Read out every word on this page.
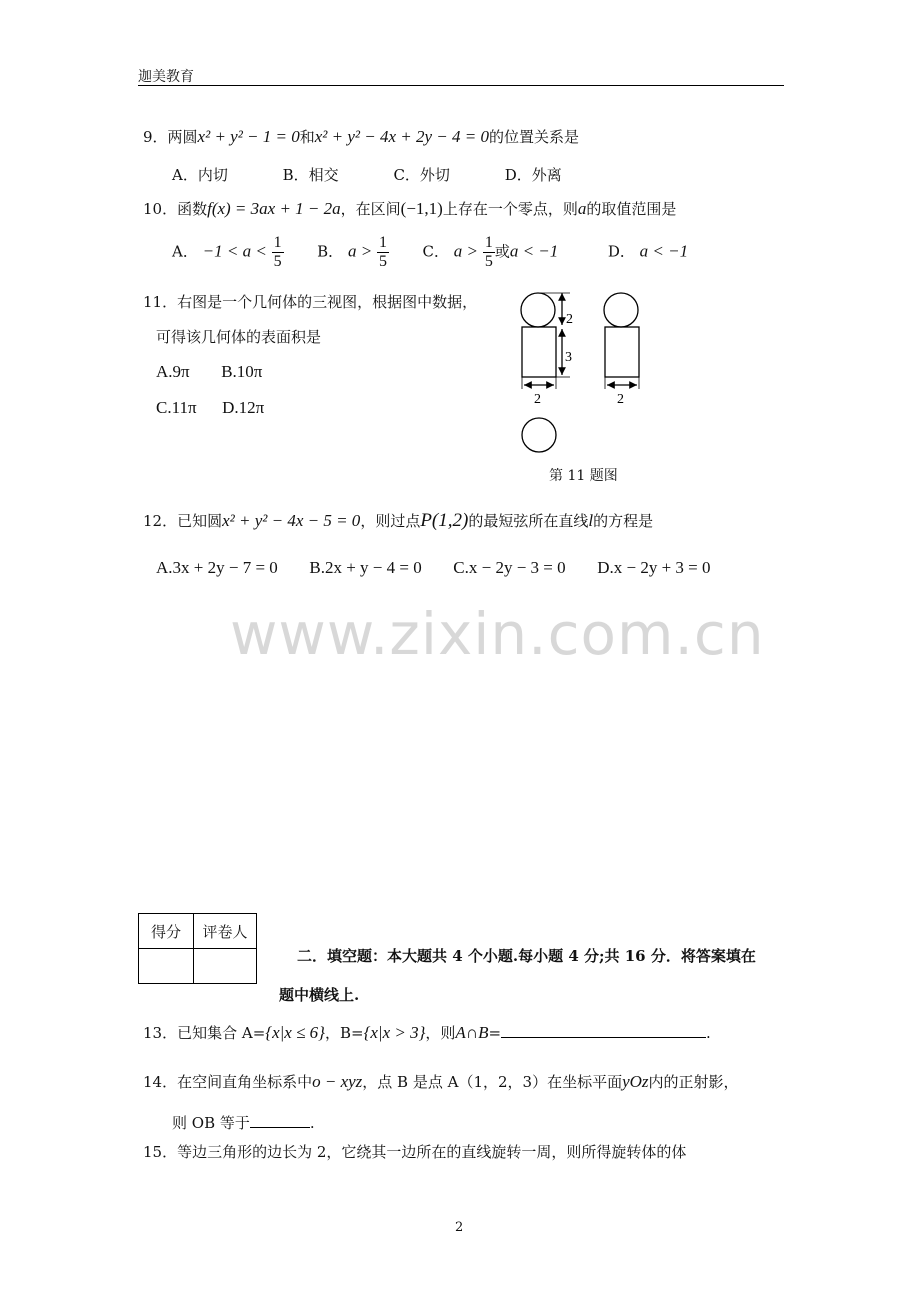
迦美教育
9．两圆x² + y² − 1 = 0和x² + y² − 4x + 2y − 4 = 0的位置关系是
A．内切	B．相交	C．外切	D．外离
10．函数f(x) = 3ax + 1 − 2a，在区间(−1,1)上存在一个零点，则a的取值范围是
A． $-1 < a < \frac{1}{5}$ B． $a > \frac{1}{5}$ C． $a > \frac{1}{5}$ 或a < −1	D． a < −1
11．右图是一个几何体的三视图，根据图中数据，
可得该几何体的表面积是
A.9π B.10π
C.11π D.12π
2
3
2	2
第 11 题图
12．已知圆x² + y² − 4x − 5 = 0，则过点P(1,2)的最短弦所在直线l的方程是
A.3x + 2y − 7 = 0 B.2x + y − 4 = 0 C.x − 2y − 3 = 0 D.x − 2y + 3 = 0
www.zixin.com.cn
得分	评卷人

二．填空题：本大题共 4 个小题.每小题 4 分;共 16 分．将答案填在
题中横线上.
13．已知集合 A={x|x ≤ 6}，B={x|x > 3}，则A∩B=	.
14．在空间直角坐标系中o − xyz，点 B 是点 A（1，2，3）在坐标平面yOz内的正射影，
则 OB 等于	.
15．等边三角形的边长为 2，它绕其一边所在的直线旋转一周，则所得旋转体的体
2
